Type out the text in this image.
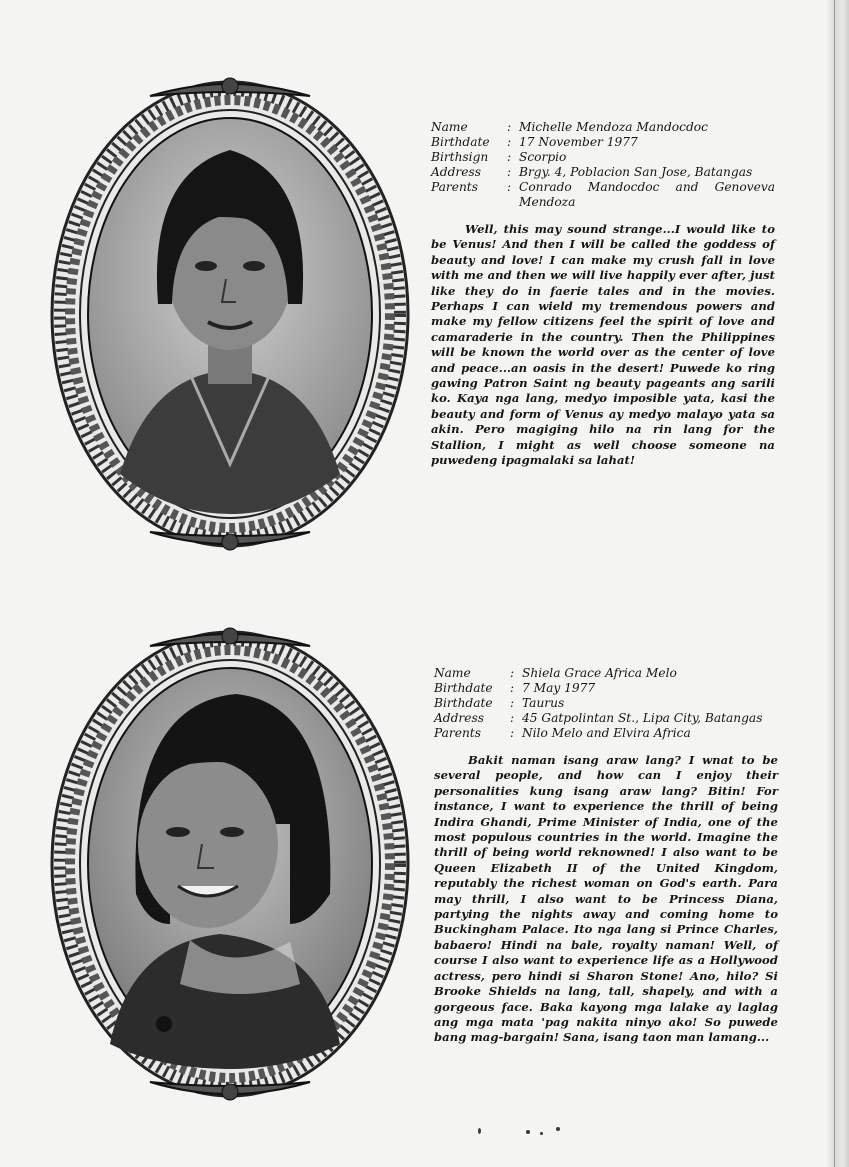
Name	: Michelle Mendoza Mandocdoc
Birthdate	: 17 November 1977
Birthsign	: Scorpio
Address	: Brgy. 4, Poblacion San Jose, Batangas
Parents	: Conrado Mandocdoc and Genoveva Mendoza

Well, this may sound strange...I would like to be Venus! And then I will be called the goddess of beauty and love! I can make my crush fall in love with me and then we will live happily ever after, just like they do in faerie tales and in the movies. Perhaps I can wield my tremendous powers and make my fellow citizens feel the spirit of love and camaraderie in the country. Then the Philippines will be known the world over as the center of love and peace...an oasis in the desert! Puwede ko ring gawing Patron Saint ng beauty pageants ang sarili ko. Kaya nga lang, medyo imposible yata, kasi the beauty and form of Venus ay medyo malayo yata sa akin. Pero magiging hilo na rin lang for the Stallion, I might as well choose someone na puwedeng ipagmalaki sa lahat!

Name	: Shiela Grace Africa Melo
Birthdate	: 7 May 1977
Birthdate	: Taurus
Address	: 45 Gatpolintan St., Lipa City, Batangas
Parents	: Nilo Melo and Elvira Africa

Bakit naman isang araw lang? I wnat to be several people, and how can I enjoy their personalities kung isang araw lang? Bitin! For instance, I want to experience the thrill of being Indira Ghandi, Prime Minister of India, one of the most populous countries in the world. Imagine the thrill of being world reknowned! I also want to be Queen Elizabeth II of the United Kingdom, reputably the richest woman on God's earth. Para may thrill, I also want to be Princess Diana, partying the nights away and coming home to Buckingham Palace. Ito nga lang si Prince Charles, babaero! Hindi na bale, royalty naman! Well, of course I also want to experience life as a Hollywood actress, pero hindi si Sharon Stone! Ano, hilo? Si Brooke Shields na lang, tall, shapely, and with a gorgeous face. Baka kayong mga lalake ay laglag ang mga mata 'pag nakita ninyo ako! So puwede bang mag-bargain! Sana, isang taon man lamang...
